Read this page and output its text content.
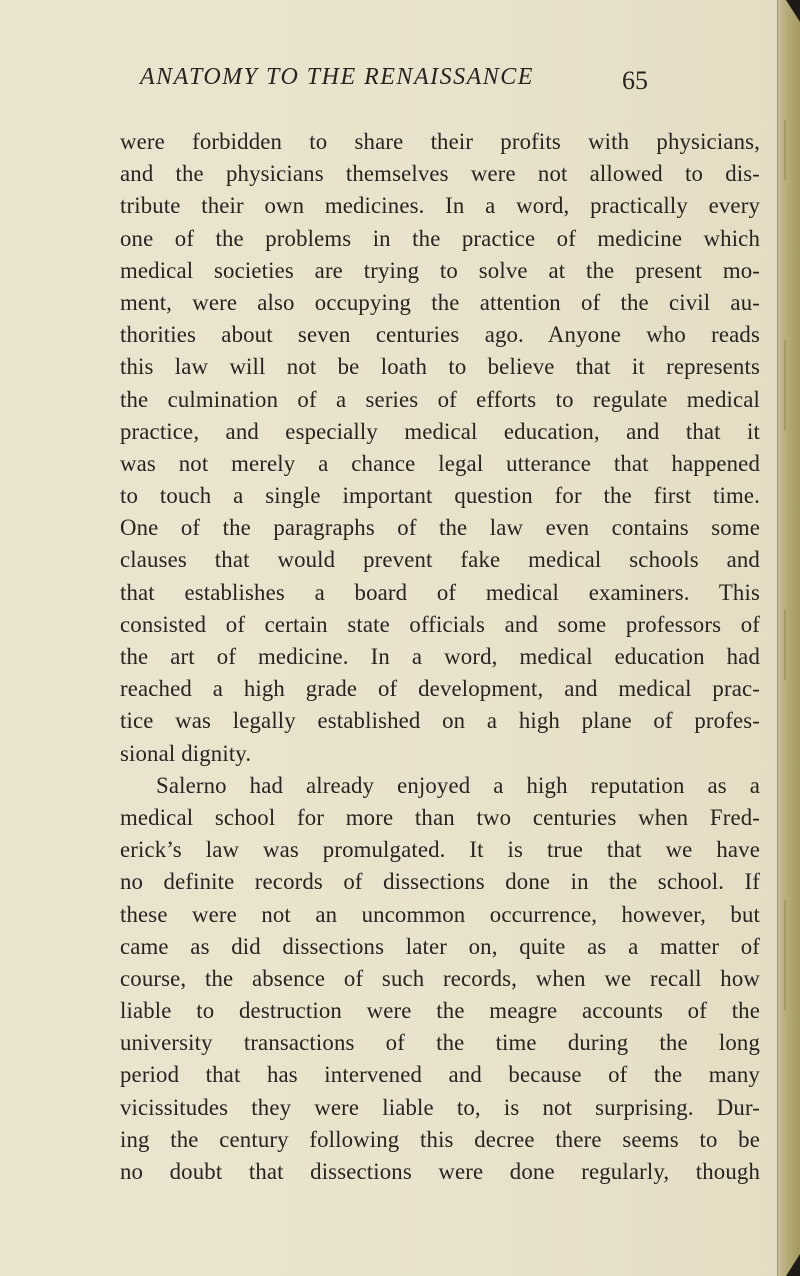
ANATOMY TO THE RENAISSANCE	65
were forbidden to share their profits with physicians,
and the physicians themselves were not allowed to dis-
tribute their own medicines. In a word, practically every
one of the problems in the practice of medicine which
medical societies are trying to solve at the present mo-
ment, were also occupying the attention of the civil au-
thorities about seven centuries ago. Anyone who reads
this law will not be loath to believe that it represents
the culmination of a series of efforts to regulate medical
practice, and especially medical education, and that it
was not merely a chance legal utterance that happened
to touch a single important question for the first time.
One of the paragraphs of the law even contains some
clauses that would prevent fake medical schools and
that establishes a board of medical examiners. This
consisted of certain state officials and some professors of
the art of medicine. In a word, medical education had
reached a high grade of development, and medical prac-
tice was legally established on a high plane of profes-
sional dignity.
Salerno had already enjoyed a high reputation as a
medical school for more than two centuries when Fred-
erick’s law was promulgated. It is true that we have
no definite records of dissections done in the school. If
these were not an uncommon occurrence, however, but
came as did dissections later on, quite as a matter of
course, the absence of such records, when we recall how
liable to destruction were the meagre accounts of the
university transactions of the time during the long
period that has intervened and because of the many
vicissitudes they were liable to, is not surprising. Dur-
ing the century following this decree there seems to be
no doubt that dissections were done regularly, though
